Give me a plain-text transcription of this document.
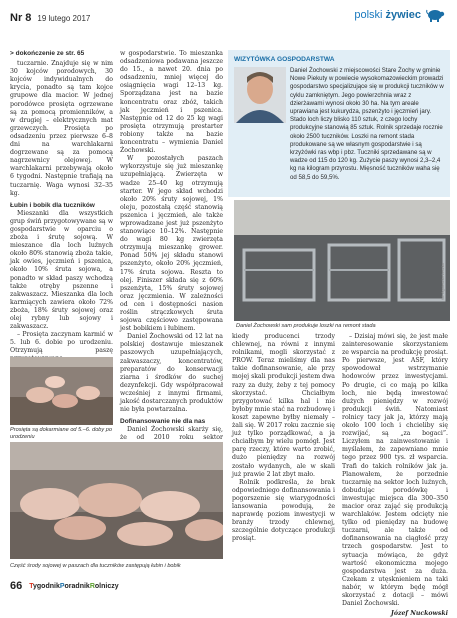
Nr 8 19 lutego 2017	polski żywiec

> dokończenie ze str. 65

tuczarnie. Znajduje się w nim 30 kojców porodowych, 30 kojców indywidualnych do krycia, ponadto są tam kojce grupowe dla macior. W jednej porodówce prosięta ogrzewane są za pomocą promienników, a w drugiej – elektrycznych mat grzewczych. Prosięta po odsadzeniu przez pierwsze 6–8 dni na warchlakarni dogrzewane są za pomocą nagrzewnicy olejowej. W warchlakarni przebywają około 6 tygodni. Następnie trafiają na tuczarnię. Waga wynosi 32–35 kg.

Łubin i bobik dla tuczników

Mieszanki dla wszystkich grup świń przygotowywane są w gospodarstwie w oparciu o zboża i śrutę sojową. W mieszance dla loch luźnych około 80% stanowią zboża takie, jak owies, jęczmień i pszenica, około 10% śruta sojowa, a ponadto w skład paszy wchodzą także otręby pszenne i zakwaszacz. Mieszanka dla loch karmiących zawiera około 72% zboża, 18% śruty sojowej oraz olej rybny lub sojowy i zakwaszacz.

– Prosięta zaczynam karmić w 5. lub 6. dobie po urodzeniu. Otrzymują paszę

Prosięta są dokarmiane od 5.–6. doby po urodzeniu

w gospodarstwie. To mieszanka odsadzeniowa podawana jeszcze do 15., a nawet 20. dnia po odsadzeniu, mniej więcej do osiągnięcia wagi 12–13 kg. Sporządzana jest na bazie koncentratu oraz zbóż, takich jak jęczmień i pszenica. Następnie od 12 do 25 kg wagi prosięta otrzymują prestarter robiony także na bazie koncentratu – wymienia Daniel Żochowski.

W pozostałych paszach wykorzystuje się już mieszankę uzupełniającą. Zwierzęta w wadze 25–40 kg otrzymują starter. W jego skład wchodzi około 20% śruty sojowej, 1% oleju, pozostałą część stanowią pszenica i jęczmień, ale także wprowadzane jest już pszenżyto stanowiące 10–12%. Następnie do wagi 80 kg zwierzęta otrzymują mieszankę grower. Ponad 50% jej składu stanowi pszenżyto, około 20% jęczmień, 17% śruta sojowa. Reszta to olej. Finiszer składa się z 60% pszenżyta, 15% śruty sojowej oraz jęczmienia. W zależności od cen i dostępności nasion roślin strączkowych śruta sojowa częściowo zastępowana jest bobikiem i łubinem.

Daniel Żochowski od 12 lat na polskiej dostawuje mieszanek paszowych uzupełniających, zakwaszaczy, koncentratów, preparatów do konserwacji ziarna i środków do suchej dezynfekcji. Gdy współpracował wcześniej z innymi firmami, jakość dostarczanych produktów nie była powtarzalna.

Dofinansowanie nie dla nas

Daniel Żochowski skarży się, że od 2010 roku sektor

Część środy sojowej w paszach dla tuczników zastępują łubin i bobik
WIZYTÓWKA GOSPODARSTWA
Daniel Żochowski z miejscowości Stare Żochy w gminie Nowe Piekuty w powiecie wysokomazowieckim prowadzi gospodarstwo specjalizujące się w produkcji tuczników w cyklu zamkniętym. Jego powierzchnia wraz z dzierżawami wynosi około 30 ha. Na tym areale uprawiana jest kukurydza, pszenżyto i jęczmień jary. Stado loch liczy blisko 110 sztuk, z czego lochy produkcyjne stanowią 85 sztuk. Rolnik sprzedaje rocznie około 2500 tuczników. Loszki na remont stada produkowane są we własnym gospodarstwie i są krzyżówki ras wbp i pbz. Tuczniki sprzedawane są w wadze od 115 do 120 kg. Zużycie paszy wynosi 2,3–2,4 kg na kilogram przyrostu. Mięsność tuczników waha się od 58,5 do 59,5%.
Daniel Żochowski sam produkuje loszki na remont stada
fot. Agnieszka Leszka

kiedy producenci trzody chlewnej, na równi z innymi rolnikami, mogli skorzystać z PROW. Teraz mieliśmy dla nas takie dofinansowanie, ale przy mojej skali produkcji jestem dwa razy za duży, żeby z tej pomocy skorzystać. Chciałbym przygotować kilka hal i nie byłoby mnie stać na rozbudowę i koszt zapewne byłby niemały – żali się. W 2017 roku zacznie się już tylko porządkować, a ja chciałbym by wielu pomógł. Jest parę rzeczy, które warto zrobić, dużo pieniędzy na rozwój zostało wydanych, ale w skali już prawie 2 lat zbyt mało.

Rolnik podkreśla, że brak odpowiedniego dofinansowania i pogorszenie się wiarygodności lansowania powodują, że naprawdę poziom inwestycji w branży trzody chlewnej, szczególnie dotyczące produkcji prosiąt.

– Dzisiaj mówi się, że jest małe zainteresowanie skorzystaniem ze wsparcia na produkcję prosiąt. Po pierwsze, jest ASF, który spowodował wstrzymanie hodowców przez inwestycjami. Po drugie, ci co mają po kilka loch, nie będą inwestować dużych pieniędzy w rozwój produkcji świń. Natomiast rolnicy tacy jak ja, którzy mają około 100 loch i chcieliby się rozwijać, są „za bogaci”. Liczyłem na zainwestowanie i myślałem, że zapewniano mnie tego przez 900 tys. zł wsparcia. Trafi do takich rolników jak ja. Planowałem, że porzednie tuczarnię na sektor loch luźnych, dobudując porodówkę i inwestując miejsca dla 300–350 macior oraz zająć się produkcją warchlaków. Jestem odcięty nie tylko od pieniędzy na budowę tuczarni, ale także od dofinansowania na ciągłość przy trzech gospodarstw. Jest to sytuacja mówiąca, że gdyż wartość ekonomiczna mojego gospodarstwa jest za duża. Czekam z utęsknieniem na taki nabór, w którym będę mógł skorzystać z dotacji – mówi Daniel Żochowski.

Józef Nuckowski

66 TygodnikPoradnikRolniczy
